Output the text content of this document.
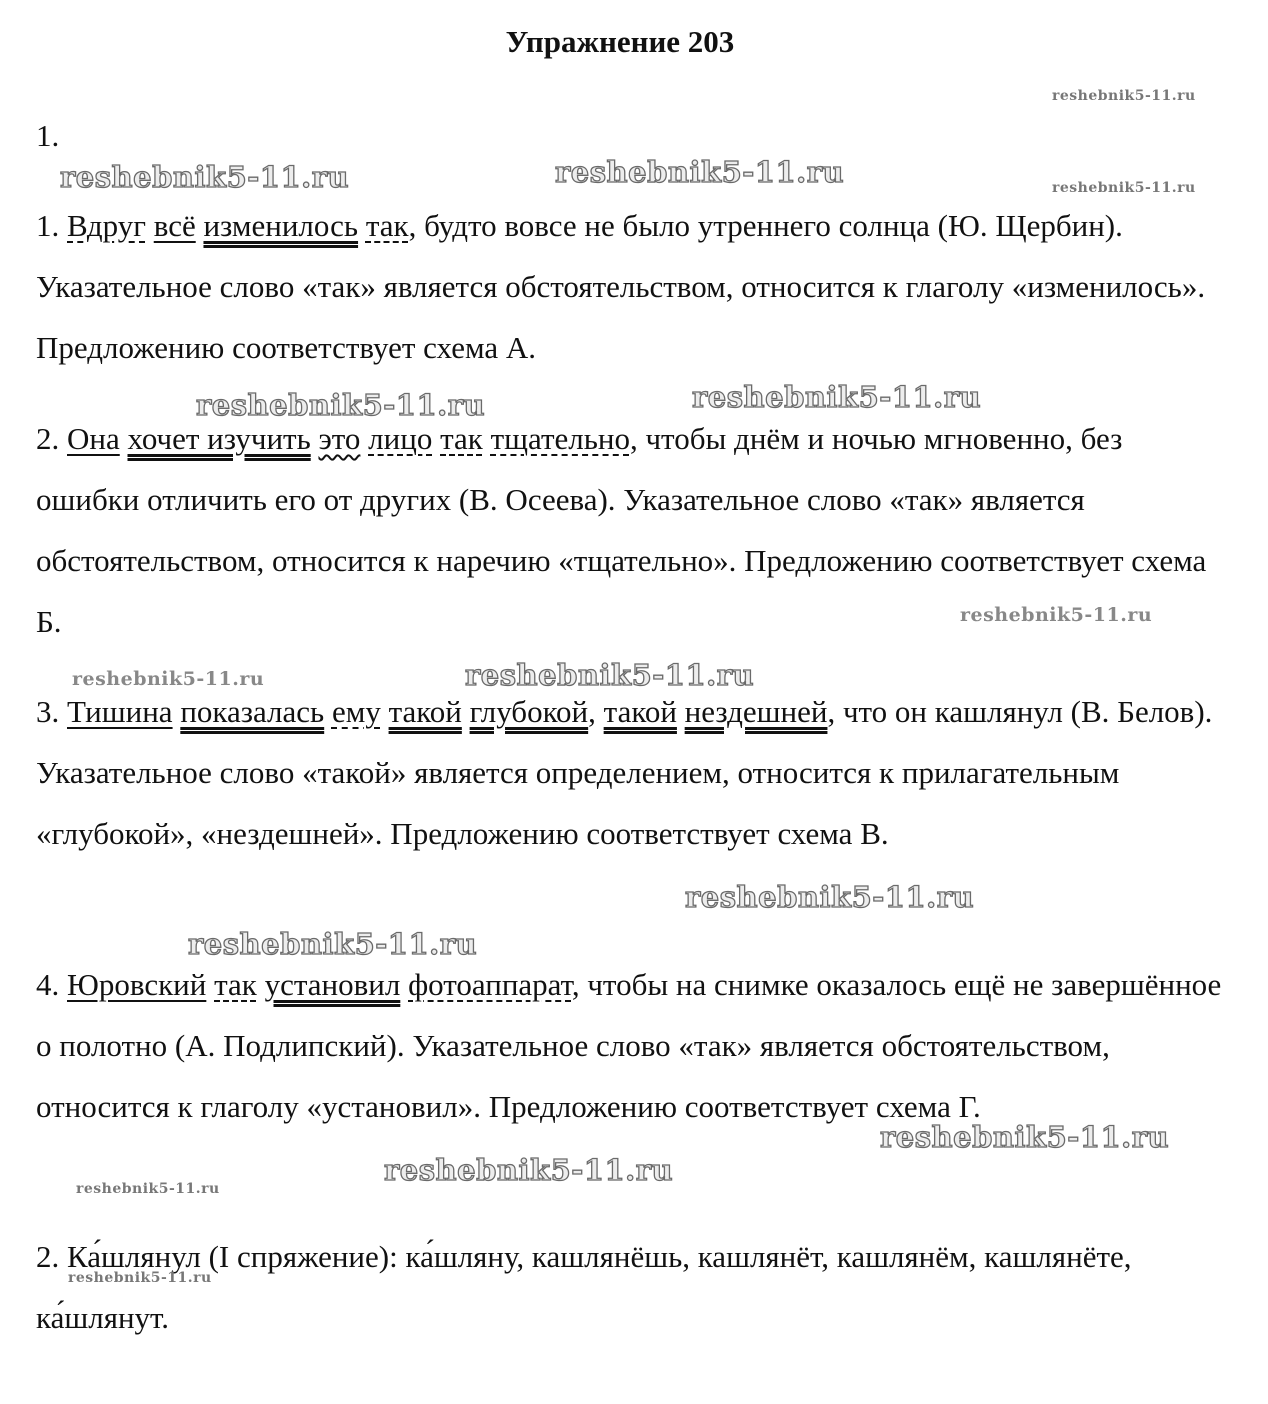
Упражнение 203
1.

1. Вдруг всё изменилось так, будто вовсе не было утреннего солнца (Ю. Щербин). Указательное слово «так» является обстоятельством, относится к глаголу «изменилось». Предложению соответствует схема А.

2. Она хочет изучить это лицо так тщательно, чтобы днём и ночью мгновенно, без ошибки отличить его от других (В. Осеева). Указательное слово «так» является обстоятельством, относится к наречию «тщательно». Предложению соответствует схема Б.

3. Тишина показалась ему такой глубокой, такой нездешней, что он кашлянул (В. Белов). Указательное слово «такой» является определением, относится к прилагательным «глубокой», «нездешней». Предложению соответствует схема В.

4. Юровский так установил фотоаппарат, чтобы на снимке оказалось ещё не завершённое о полотно (А. Подлипский). Указательное слово «так» является обстоятельством, относится к глаголу «установил». Предложению соответствует схема Г.

2. Ка́шлянул (I спряжение): ка́шляну, кашлянёшь, кашлянёт, кашлянём, кашлянёте, ка́шлянут.

reshebnik5-11.ru
reshebnik5-11.ru	reshebnik5-11.ru	reshebnik5-11.ru
reshebnik5-11.ru	reshebnik5-11.ru
reshebnik5-11.ru
reshebnik5-11.ru	reshebnik5-11.ru
reshebnik5-11.ru
reshebnik5-11.ru
reshebnik5-11.ru
reshebnik5-11.ru
reshebnik5-11.ru
reshebnik5-11.ru
